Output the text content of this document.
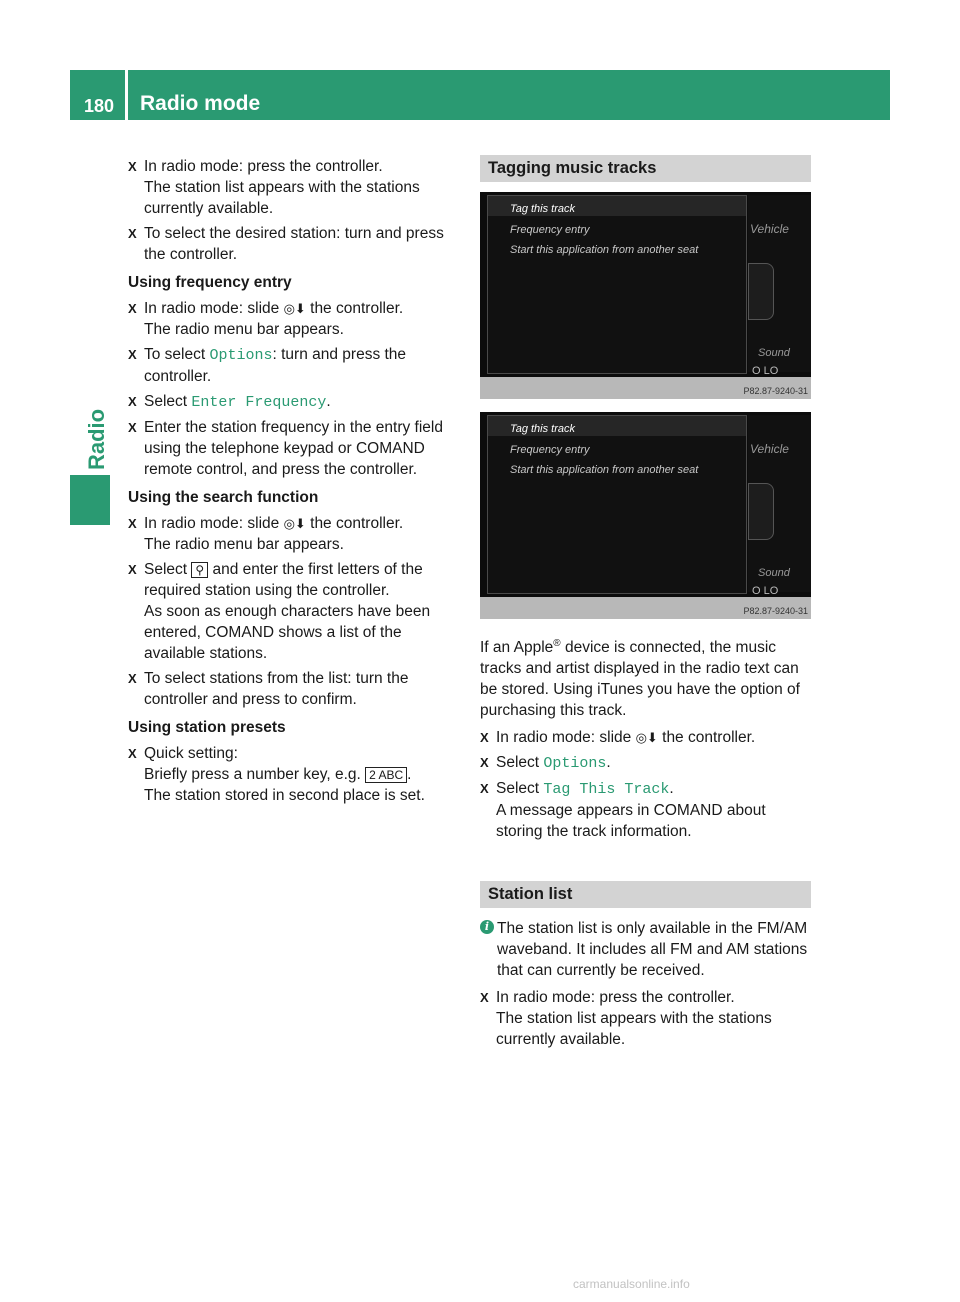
180 Radio mode
Radio
X In radio mode: press the controller.
The station list appears with the stations currently available.
X To select the desired station: turn and press the controller.
Using frequency entry
X In radio mode: slide ◎⬇ the controller.
The radio menu bar appears.
X To select Options: turn and press the controller.
X Select Enter Frequency.
X Enter the station frequency in the entry field using the telephone keypad or COMAND remote control, and press the controller.
Using the search function
X In radio mode: slide ◎⬇ the controller.
The radio menu bar appears.
X Select ⚲ and enter the first letters of the required station using the controller.
As soon as enough characters have been entered, COMAND shows a list of the available stations.
X To select stations from the list: turn the controller and press to confirm.
Using station presets
X Quick setting:
Briefly press a number key, e.g. 2 ABC .
The station stored in second place is set.
Tagging music tracks
Tag this track
Frequency entry
Start this application from another seat
Vehicle
Sound
O LO
P82.87-9240-31
Tag this track
Frequency entry
Start this application from another seat
Vehicle
Sound
O LO
P82.87-9240-31
If an Apple® device is connected, the music tracks and artist displayed in the radio text can be stored. Using iTunes you have the option of purchasing this track.
X In radio mode: slide ◎⬇ the controller.
X Select Options.
X Select Tag This Track.
A message appears in COMAND about storing the track information.
Station list
i The station list is only available in the FM/AM waveband. It includes all FM and AM stations that can currently be received.
X In radio mode: press the controller.
The station list appears with the stations currently available.
carmanualsonline.info
